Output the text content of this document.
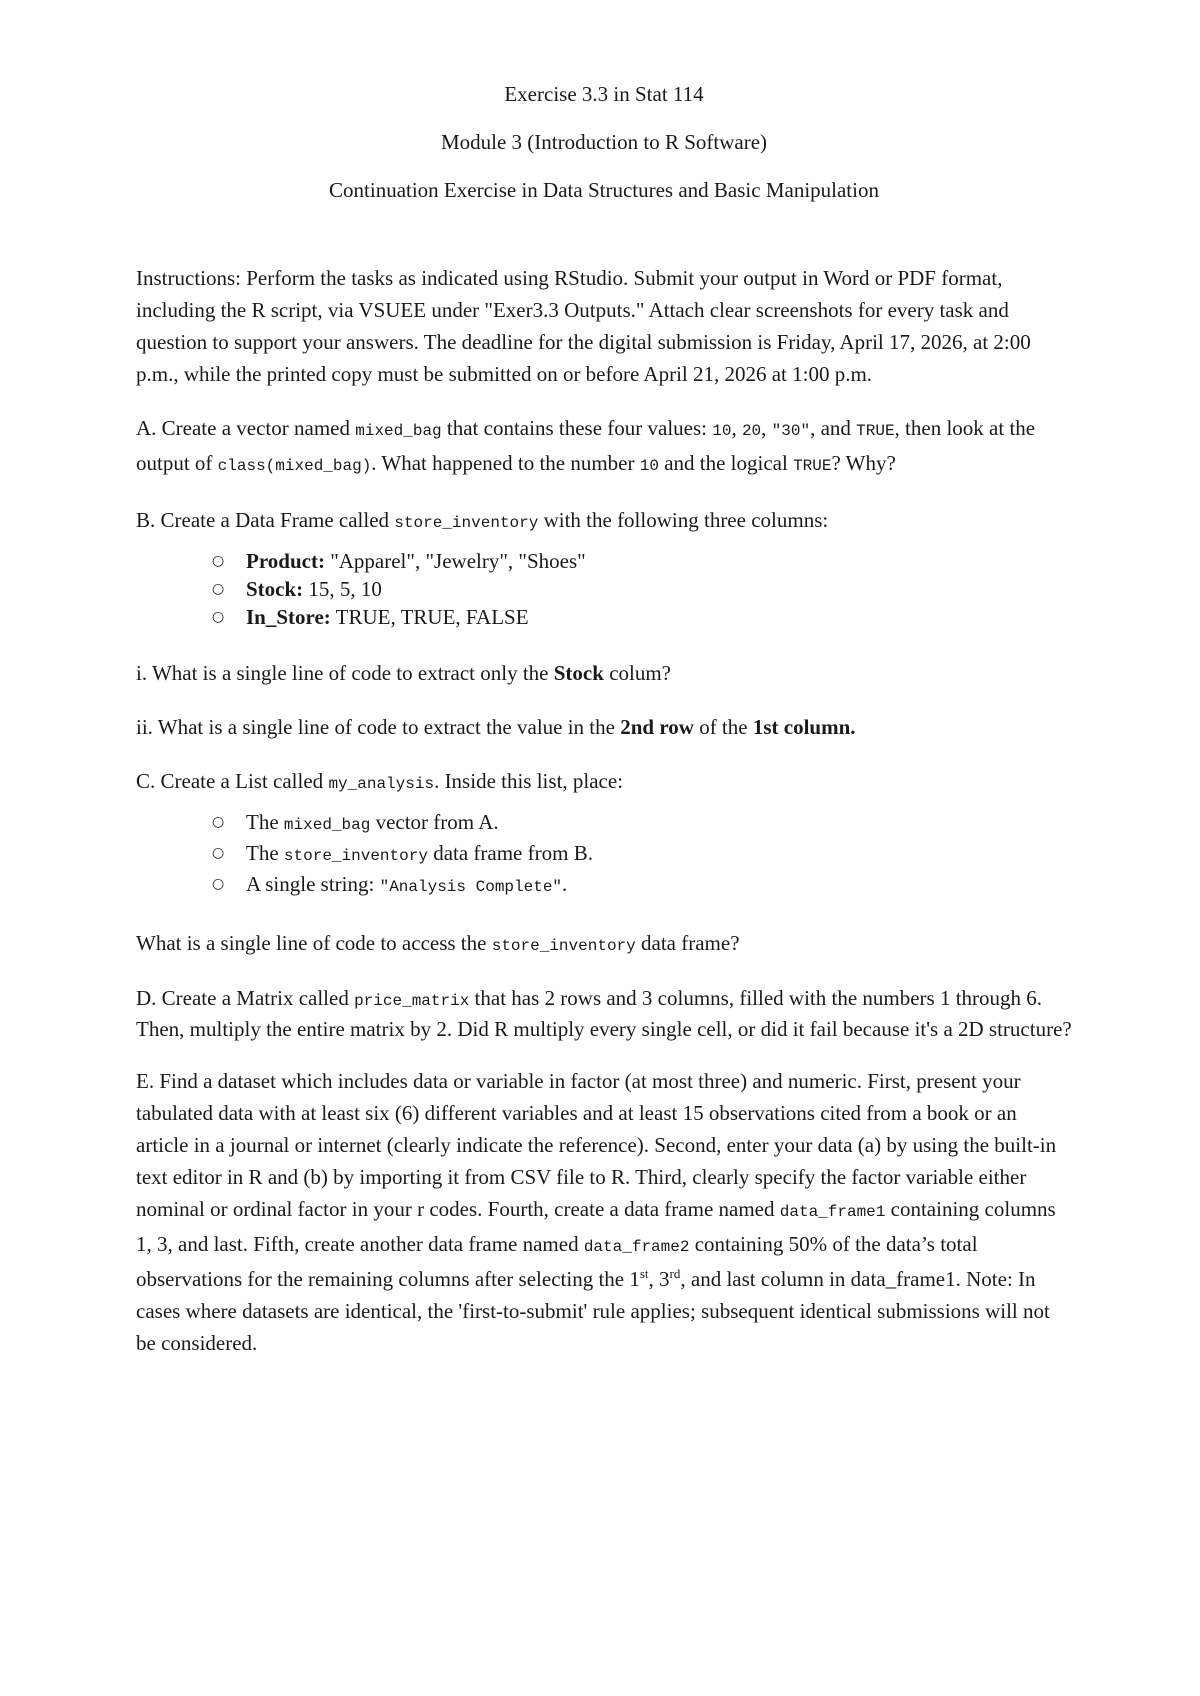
Exercise 3.3 in Stat 114

Module 3 (Introduction to R Software)

Continuation Exercise in Data Structures and Basic Manipulation

Instructions: Perform the tasks as indicated using RStudio. Submit your output in Word or PDF format, including the R script, via VSUEE under "Exer3.3 Outputs." Attach clear screenshots for every task and question to support your answers. The deadline for the digital submission is Friday, April 17, 2026, at 2:00 p.m., while the printed copy must be submitted on or before April 21, 2026 at 1:00 p.m.

A. Create a vector named mixed_bag that contains these four values: 10, 20, "30", and TRUE, then look at the output of class(mixed_bag). What happened to the number 10 and the logical TRUE? Why?

B. Create a Data Frame called store_inventory with the following three columns:

○ Product: "Apparel", "Jewelry", "Shoes"
○ Stock: 15, 5, 10
○ In_Store: TRUE, TRUE, FALSE

i. What is a single line of code to extract only the Stock colum?

ii. What is a single line of code to extract the value in the 2nd row of the 1st column.

C. Create a List called my_analysis. Inside this list, place:

○ The mixed_bag vector from A.
○ The store_inventory data frame from B.
○ A single string: "Analysis Complete".

What is a single line of code to access the store_inventory data frame?

D. Create a Matrix called price_matrix that has 2 rows and 3 columns, filled with the numbers 1 through 6. Then, multiply the entire matrix by 2. Did R multiply every single cell, or did it fail because it's a 2D structure?

E. Find a dataset which includes data or variable in factor (at most three) and numeric. First, present your tabulated data with at least six (6) different variables and at least 15 observations cited from a book or an article in a journal or internet (clearly indicate the reference). Second, enter your data (a) by using the built-in text editor in R and (b) by importing it from CSV file to R. Third, clearly specify the factor variable either nominal or ordinal factor in your r codes. Fourth, create a data frame named data_frame1 containing columns 1, 3, and last. Fifth, create another data frame named data_frame2 containing 50% of the data’s total observations for the remaining columns after selecting the 1st, 3rd, and last column in data_frame1. Note: In cases where datasets are identical, the 'first-to-submit' rule applies; subsequent identical submissions will not be considered.
